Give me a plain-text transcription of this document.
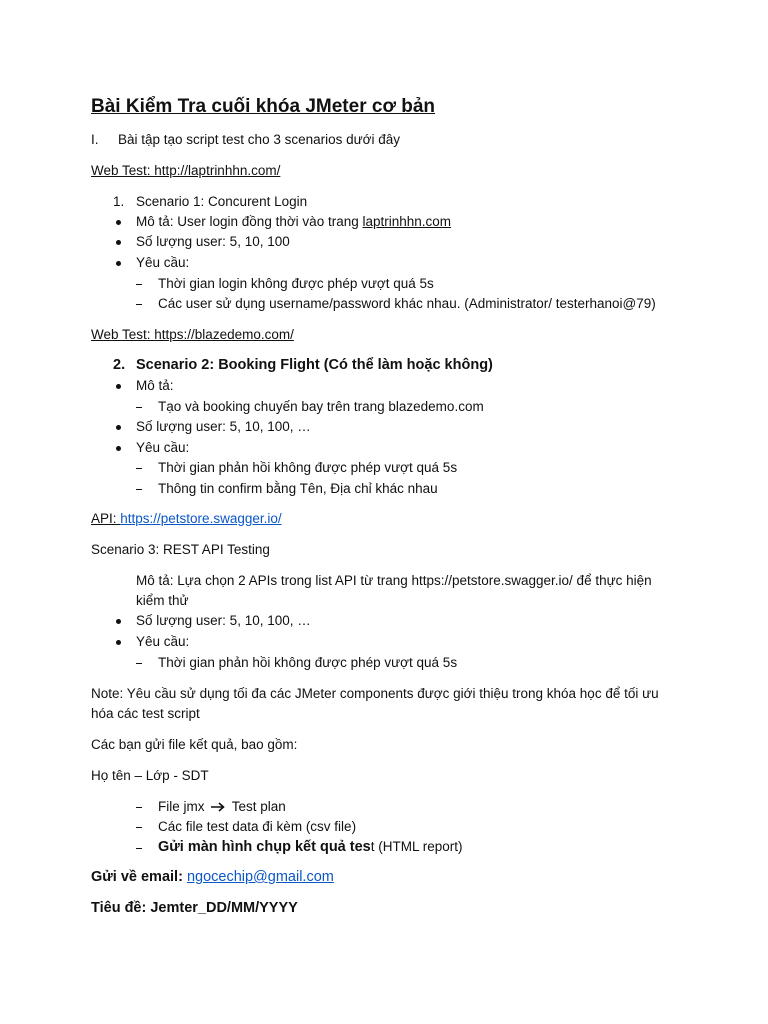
Bài Kiểm Tra cuối khóa JMeter cơ bản
I. Bài tập tạo script test cho 3 scenarios dưới đây
Web Test: http://laptrinhhn.com/
1. Scenario 1: Concurent Login
Mô tả: User login đồng thời vào trang laptrinhhn.com
Số lượng user: 5, 10, 100
Yêu cầu:
Thời gian login không được phép vượt quá 5s
Các user sử dụng username/password khác nhau. (Administrator/ testerhanoi@79)
Web Test: https://blazedemo.com/
2. Scenario 2: Booking Flight (Có thể làm hoặc không)
Mô tả:
Tạo và booking chuyến bay trên trang blazedemo.com
Số lượng user: 5, 10, 100, …
Yêu cầu:
Thời gian phản hồi không được phép vượt quá 5s
Thông tin confirm bằng Tên, Địa chỉ khác nhau
API: https://petstore.swagger.io/
Scenario 3: REST API Testing
Mô tả: Lựa chọn 2 APIs trong list API từ trang https://petstore.swagger.io/ để thực hiện
kiểm thử
Số lượng user: 5, 10, 100, …
Yêu cầu:
Thời gian phản hồi không được phép vượt quá 5s
Note: Yêu cầu sử dụng tối đa các JMeter components được giới thiệu trong khóa học để tối ưu
hóa các test script
Các bạn gửi file kết quả, bao gồm:
Họ tên – Lớp - SDT
File jmx Test plan
Các file test data đi kèm (csv file)
Gửi màn hình chụp kết quả test (HTML report)
Gửi về email: ngocechip@gmail.com
Tiêu đề: Jemter_DD/MM/YYYY
